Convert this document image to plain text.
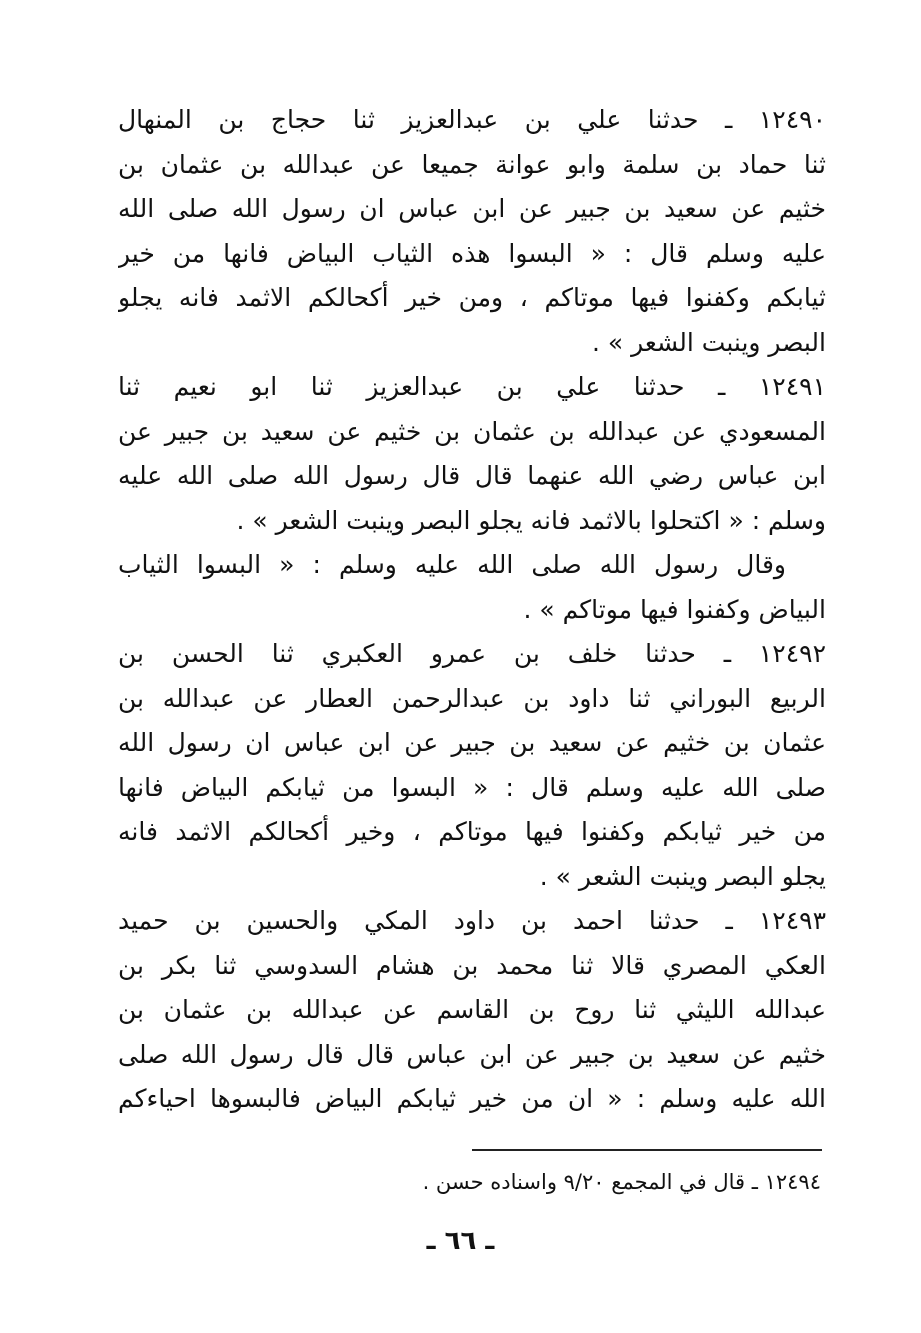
١٢٤٩٠ ـ حدثنا علي بن عبدالعزيز ثنا حجاج بن المنهال
ثنا حماد بن سلمة وابو عوانة جميعا عن عبدالله بن عثمان بن
خثيم عن سعيد بن جبير عن ابن عباس ان رسول الله صلى الله
عليه وسلم قال : « البسوا هذه الثياب البياض فانها من خير
ثيابكم وكفنوا فيها موتاكم ، ومن خير أكحالكم الاثمد فانه يجلو
البصر وينبت الشعر » .
١٢٤٩١ ـ حدثنا علي بن عبدالعزيز ثنا ابو نعيم ثنا
المسعودي عن عبدالله بن عثمان بن خثيم عن سعيد بن جبير عن
ابن عباس رضي الله عنهما قال قال رسول الله صلى الله عليه
وسلم : « اكتحلوا بالاثمد فانه يجلو البصر وينبت الشعر » .
وقال رسول الله صلى الله عليه وسلم : « البسوا الثياب
البياض وكفنوا فيها موتاكم » .
١٢٤٩٢ ـ حدثنا خلف بن عمرو العكبري ثنا الحسن بن
الربيع البوراني ثنا داود بن عبدالرحمن العطار عن عبدالله بن
عثمان بن خثيم عن سعيد بن جبير عن ابن عباس ان رسول الله
صلى الله عليه وسلم قال : « البسوا من ثيابكم البياض فانها
من خير ثيابكم وكفنوا فيها موتاكم ، وخير أكحالكم الاثمد فانه
يجلو البصر وينبت الشعر » .
١٢٤٩٣ ـ حدثنا احمد بن داود المكي والحسين بن حميد
العكي المصري قالا ثنا محمد بن هشام السدوسي ثنا بكر بن
عبدالله الليثي ثنا روح بن القاسم عن عبدالله بن عثمان بن
خثيم عن سعيد بن جبير عن ابن عباس قال قال رسول الله صلى
الله عليه وسلم : « ان من خير ثيابكم البياض فالبسوها احياءكم
١٢٤٩٤ ـ قال في المجمع ٩/٢٠ واسناده حسن .
ـ ٦٦ ـ
